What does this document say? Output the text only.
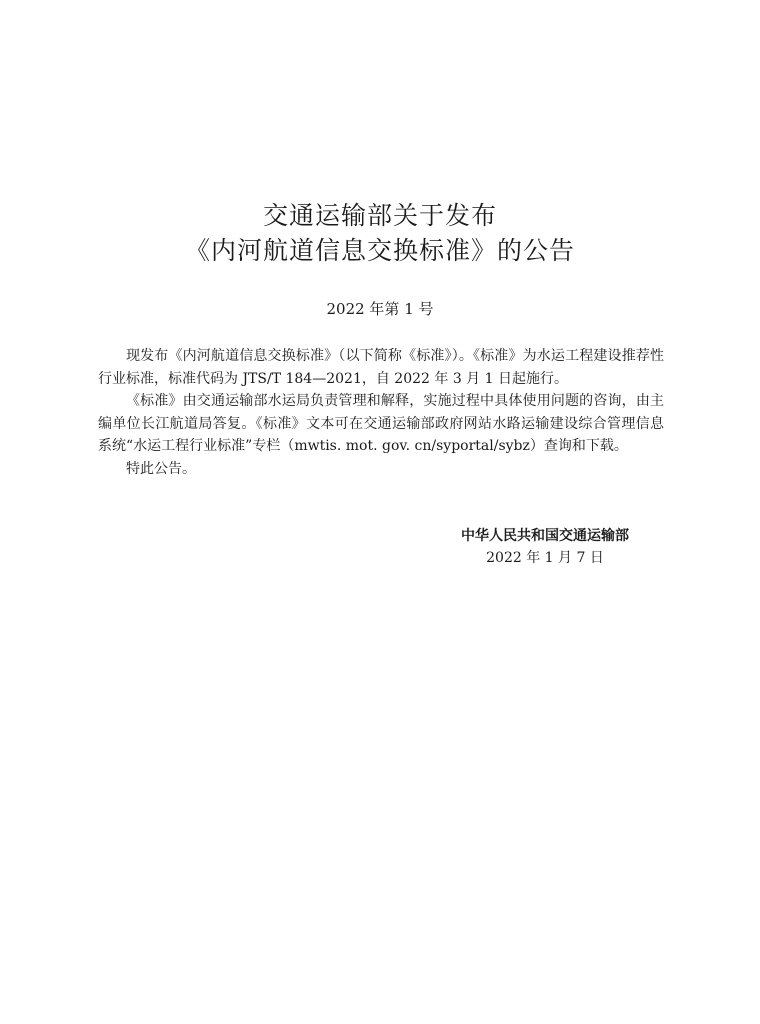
交通运输部关于发布
《内河航道信息交换标准》的公告
2022 年第 1 号

现发布《内河航道信息交换标准》（以下简称《标准》）。《标准》为水运工程建设推荐性行业标准，标准代码为 JTS/T 184—2021，自 2022 年 3 月 1 日起施行。

《标准》由交通运输部水运局负责管理和解释，实施过程中具体使用问题的咨询，由主编单位长江航道局答复。《标准》文本可在交通运输部政府网站水路运输建设综合管理信息系统“水运工程行业标准”专栏（mwtis. mot. gov. cn/syportal/sybz）查询和下载。

特此公告。

中华人民共和国交通运输部
2022 年 1 月 7 日
